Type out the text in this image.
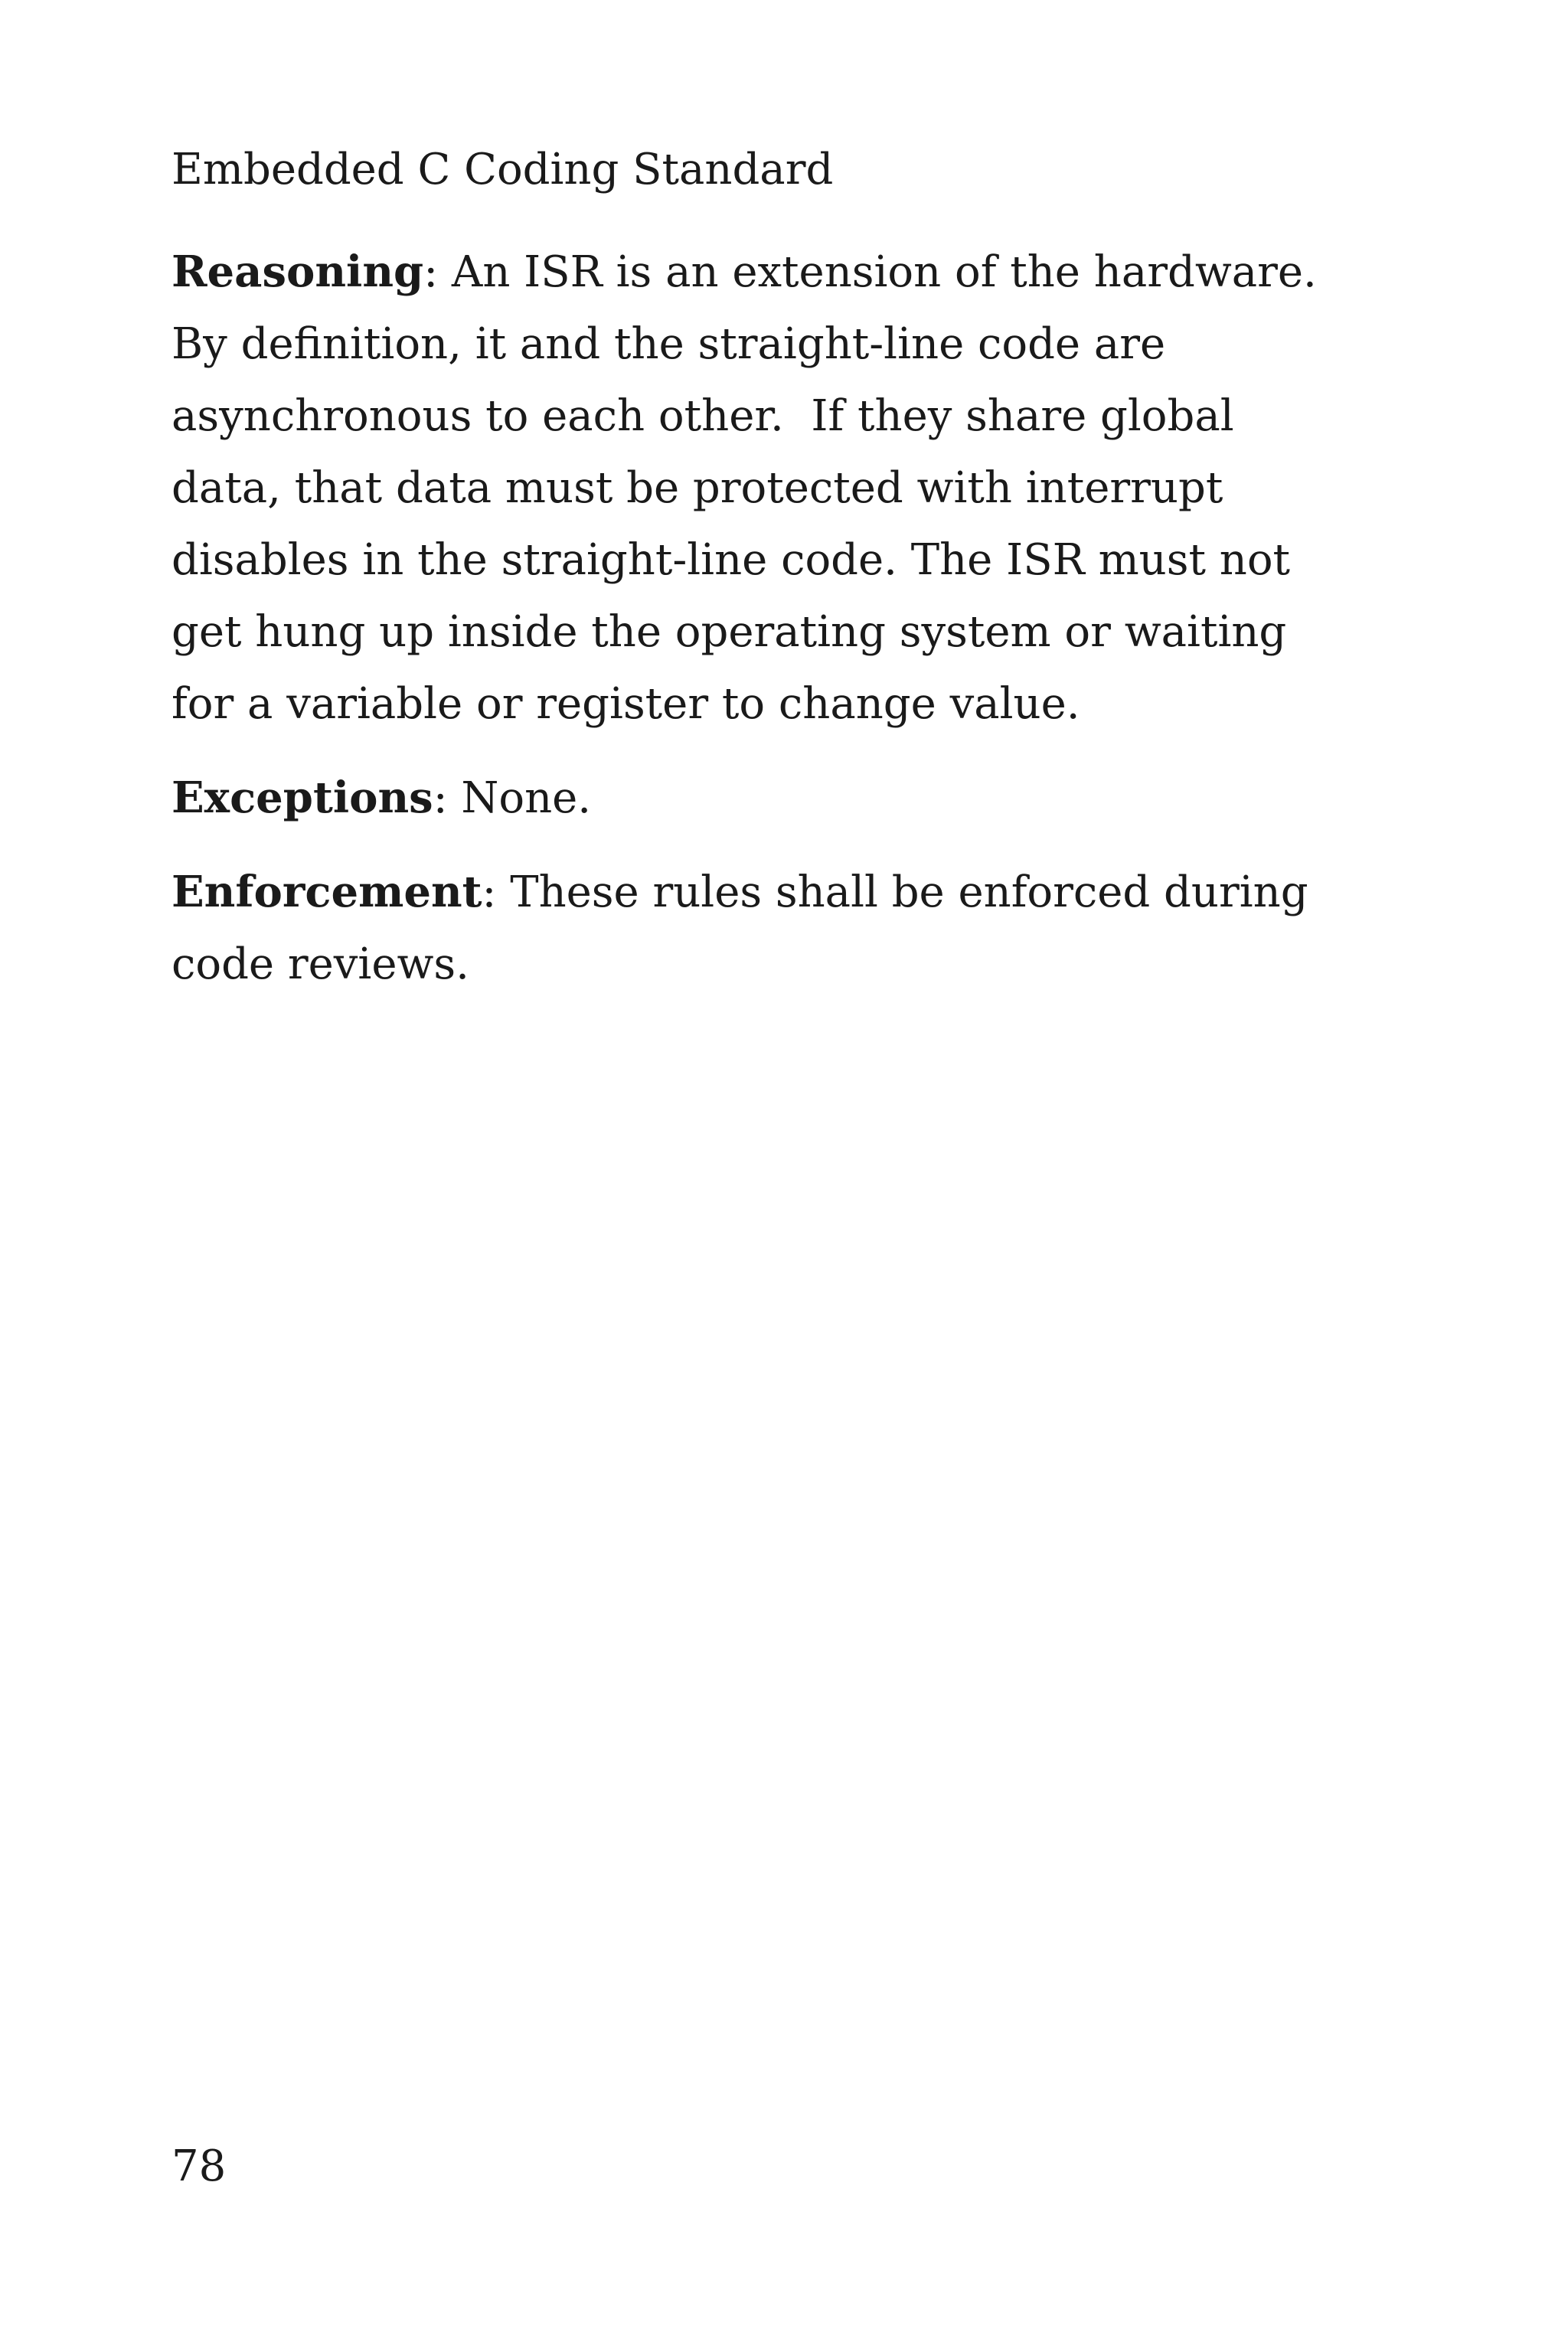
Embedded C Coding Standard

Reasoning: An ISR is an extension of the hardware.  By definition, it and the straight-line code are asynchronous to each other.  If they share global data, that data must be protected with interrupt disables in the straight-line code. The ISR must not get hung up inside the operating system or waiting for a variable or register to change value.

Exceptions: None.

Enforcement: These rules shall be enforced during code reviews.

78
